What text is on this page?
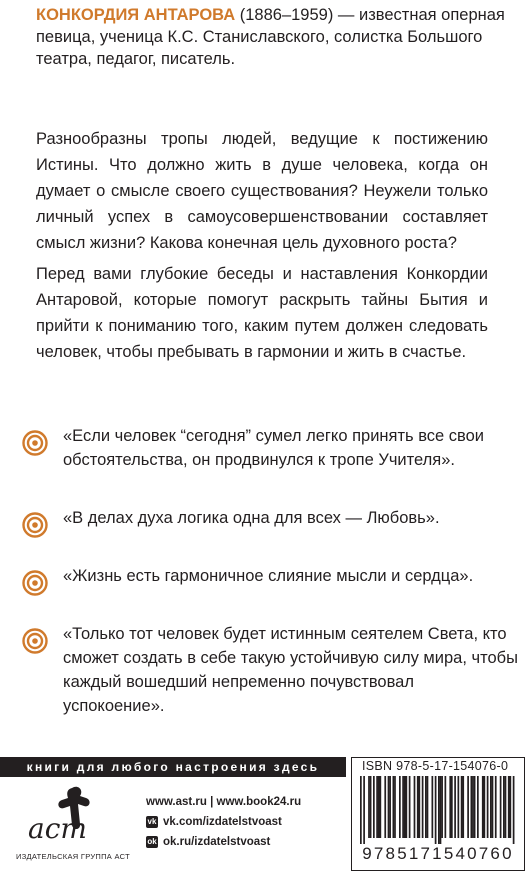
КОНКОРДИЯ АНТАРОВА (1886–1959) — известная оперная певица, ученица К.С. Станиславского, солистка Большого театра, педагог, писатель.

Разнообразны тропы людей, ведущие к постижению Истины. Что должно жить в душе человека, когда он думает о смысле своего существования? Неужели только личный успех в самоусовершенствовании составляет смысл жизни? Какова конечная цель духовного роста?

Перед вами глубокие беседы и наставления Конкордии Антаровой, которые помогут раскрыть тайны Бытия и прийти к пониманию того, каким путем должен следовать человек, чтобы пребывать в гармонии и жить в счастье.

«Если человек “сегодня” сумел легко принять все свои обстоятельства, он продвинулся к тропе Учителя».

«В делах духа логика одна для всех — Любовь».

«Жизнь есть гармоничное слияние мысли и сердца».

«Только тот человек будет истинным сеятелем Света, кто сможет создать в себе такую устойчивую силу мира, чтобы каждый вошедший непременно почувствовал успокоение».

книги для любого настроения здесь
аст
ИЗДАТЕЛЬСКАЯ ГРУППА АСТ
www.ast.ru | www.book24.ru
vk vk.com/izdatelstvoast
ok ok.ru/izdatelstvoast
ISBN 978-5-17-154076-0
9785171540760
